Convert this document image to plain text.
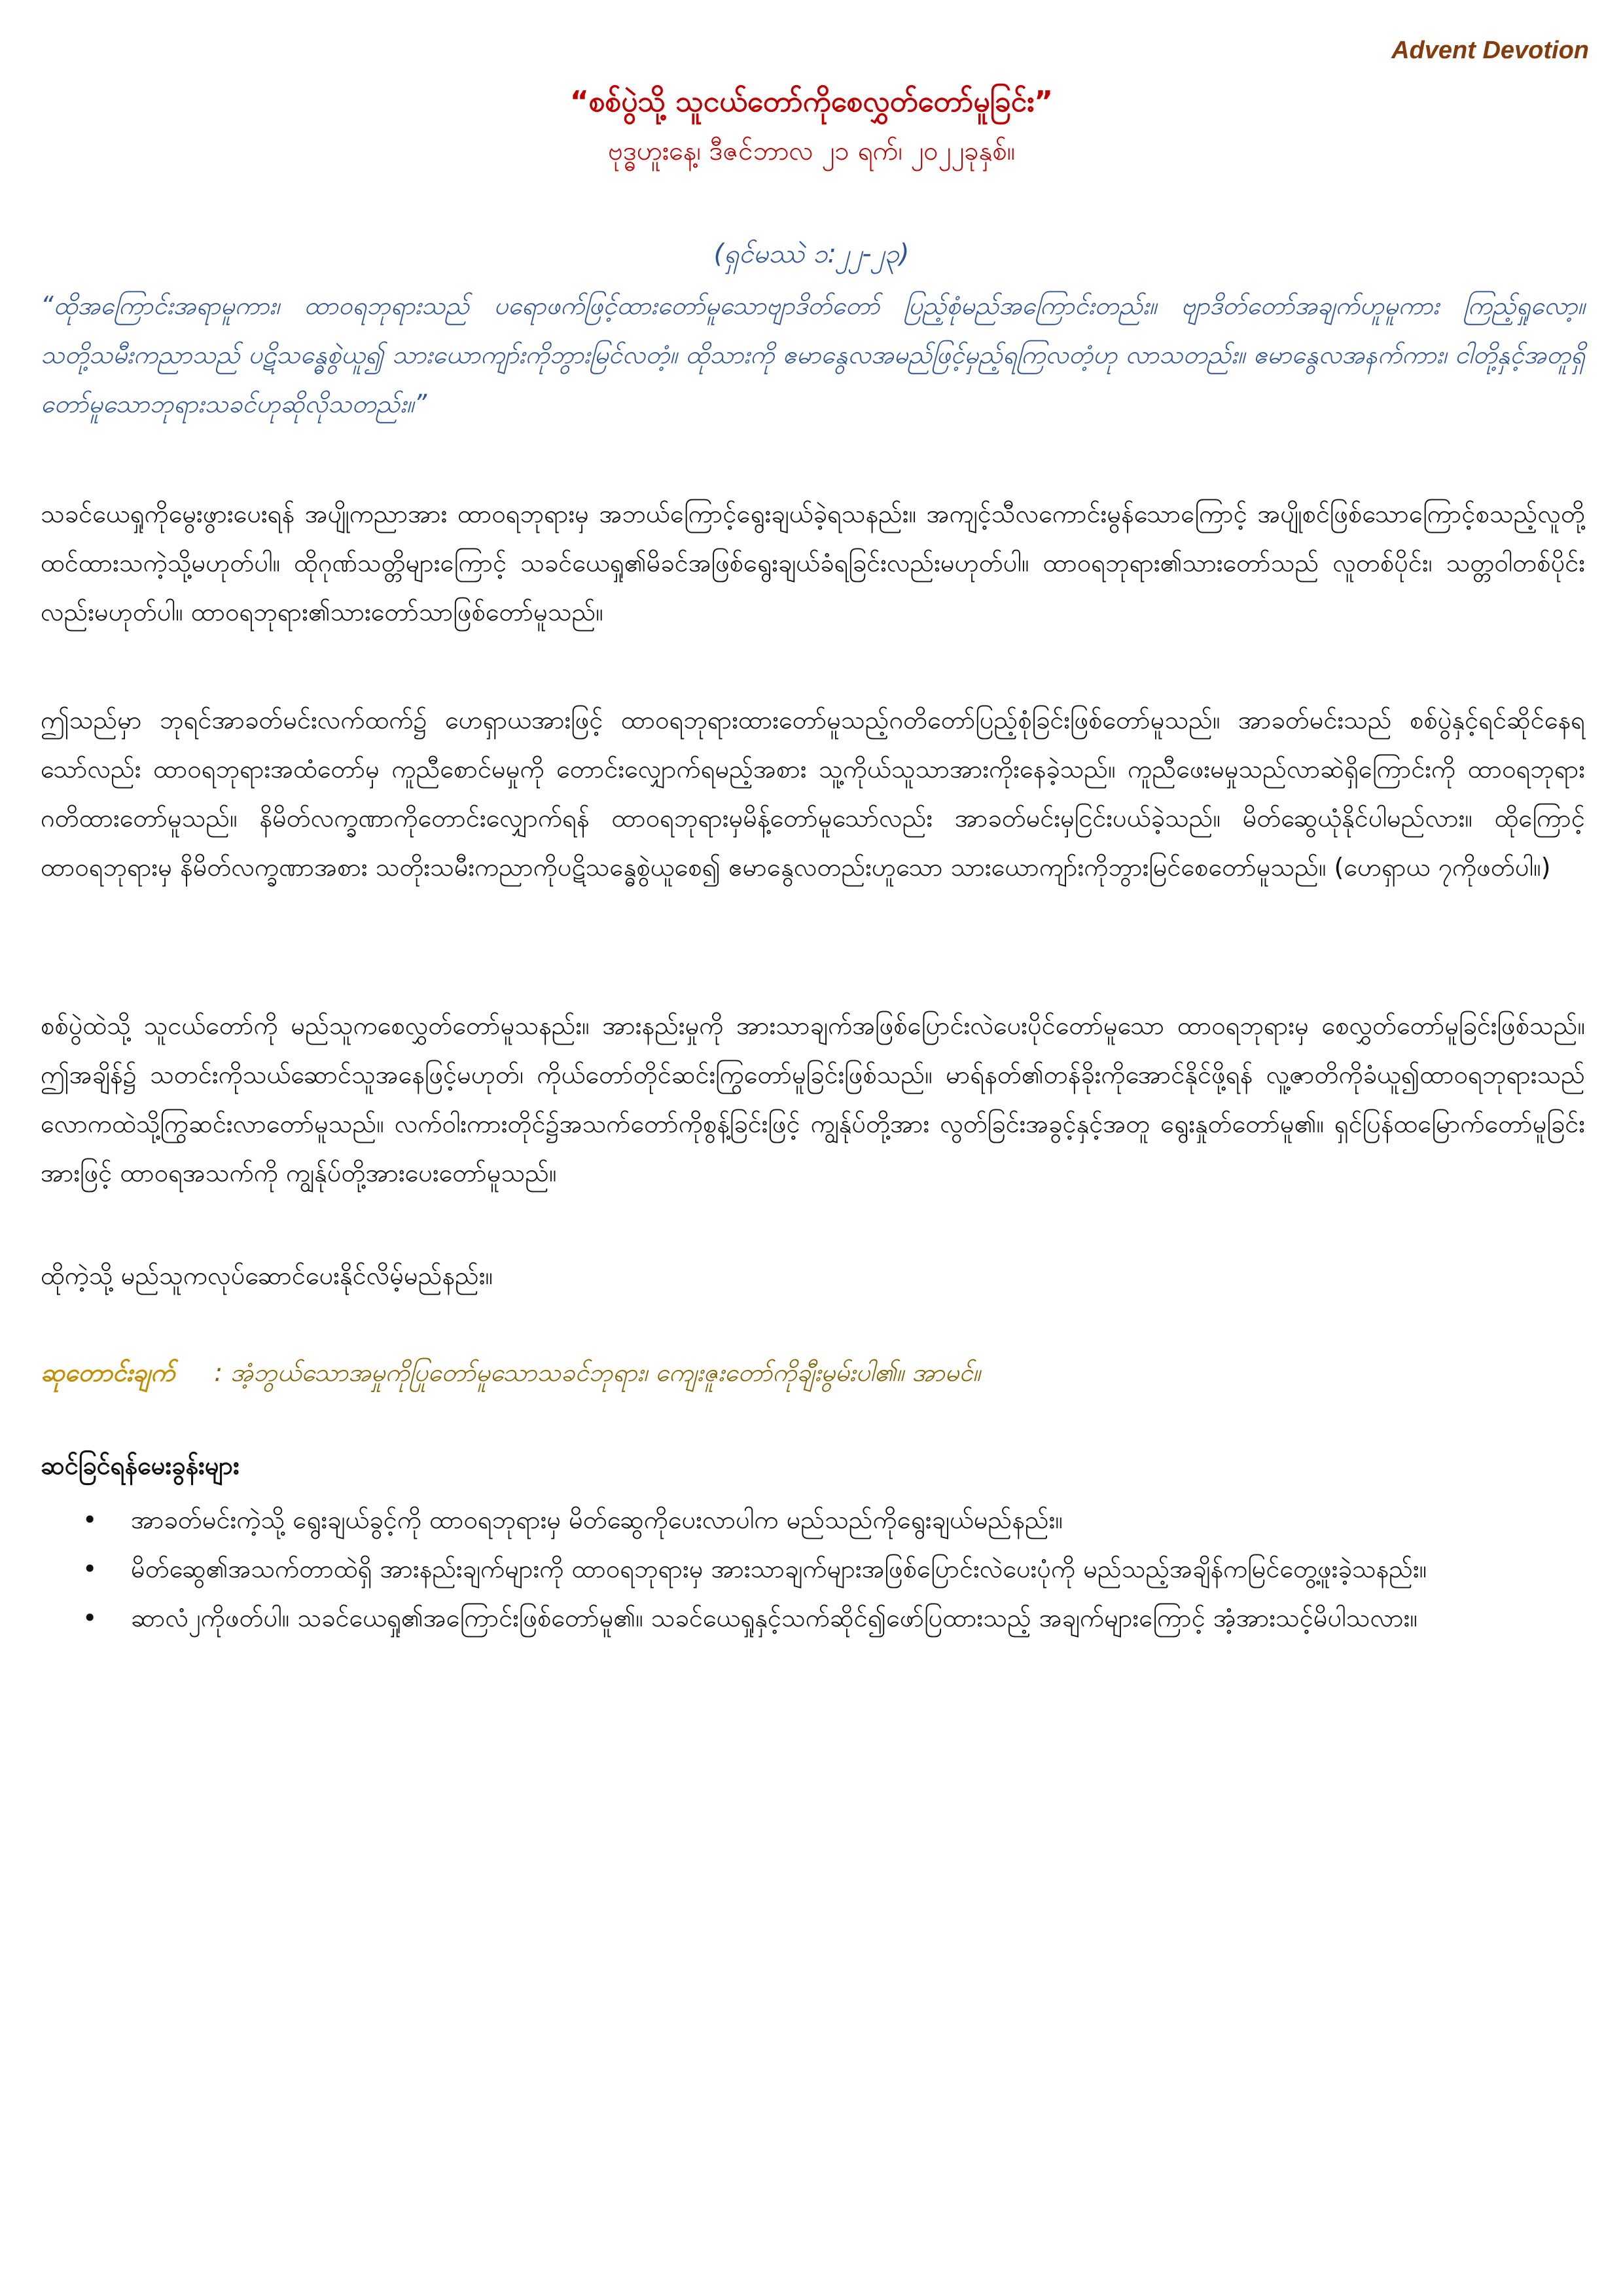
Advent Devotion
“စစ်ပွဲသို့ သူငယ်တော်ကိုစေလွှတ်တော်မူခြင်း”
ဗုဒ္ဓဟူးနေ့၊ ဒီဇင်ဘာလ ၂၁ ရက်၊ ၂၀၂၂ခုနှစ်။
(ရှင်မဿဲ ၁:၂၂-၂၃)
“ထိုအကြောင်းအရာမူကား၊ ထာဝရဘုရားသည် ပရောဖက်ဖြင့်ထားတော်မူသောဗျာဒိတ်တော် ပြည့်စုံမည်အကြောင်းတည်း။ ဗျာဒိတ်တော်အချက်ဟူမူကား ကြည့်ရှုလော့။ သတို့သမီးကညာသည် ပဋိသန္ဓေစွဲယူ၍ သားယောကျာ်းကိုဘွားမြင်လတံ့။ ထိုသားကို ဧမာနွေလအမည်ဖြင့်မှည့်ရကြလတံ့ဟု လာသတည်း။ ဧမာနွေလအနက်ကား၊ ငါတို့နှင့်အတူရှိတော်မူသောဘုရားသခင်ဟုဆိုလိုသတည်း။”
သခင်ယေရှုကိုမွေးဖွားပေးရန် အပျိုကညာအား ထာဝရဘုရားမှ အဘယ်ကြောင့်ရွေးချယ်ခဲ့ရသနည်း။ အကျင့်သီလကောင်းမွန်သောကြောင့် အပျိုစင်ဖြစ်သောကြောင့်စသည့်လူတို့ထင်ထားသကဲ့သို့မဟုတ်ပါ။ ထိုဂုဏ်သတ္တိများကြောင့် သခင်ယေရှု၏မိခင်အဖြစ်ရွေးချယ်ခံရခြင်းလည်းမဟုတ်ပါ။ ထာဝရဘုရား၏သားတော်သည် လူတစ်ပိုင်း၊ သတ္တဝါတစ်ပိုင်းလည်းမဟုတ်ပါ။ ထာဝရဘုရား၏သားတော်သာဖြစ်တော်မူသည်။
ဤသည်မှာ ဘုရင်အာခတ်မင်းလက်ထက်၌ ဟေရှာယအားဖြင့် ထာဝရဘုရားထားတော်မူသည့်ဂတိတော်ပြည့်စုံခြင်းဖြစ်တော်မူသည်။ အာခတ်မင်းသည် စစ်ပွဲနှင့်ရင်ဆိုင်နေရသော်လည်း ထာဝရဘုရားအထံတော်မှ ကူညီစောင်မမှုကို တောင်းလျှောက်ရမည့်အစား သူ့ကိုယ်သူသာအားကိုးနေခဲ့သည်။ ကူညီဖေးမမှုသည်လာဆဲရှိကြောင်းကို ထာဝရဘုရားဂတိထားတော်မူသည်။ နိမိတ်လက္ခဏာကိုတောင်းလျှောက်ရန် ထာဝရဘုရားမှမိန့်တော်မူသော်လည်း အာခတ်မင်းမှငြင်းပယ်ခဲ့သည်။ မိတ်ဆွေယုံနိုင်ပါမည်လား။ ထိုကြောင့် ထာဝရဘုရားမှ နိမိတ်လက္ခဏာအစား သတိုးသမီးကညာကိုပဋိသန္ဓေစွဲယူစေ၍ ဧမာနွေလတည်းဟူသော သားယောကျာ်းကိုဘွားမြင်စေတော်မူသည်။ (ဟေရှာယ ၇ကိုဖတ်ပါ။)
စစ်ပွဲထဲသို့ သူငယ်တော်ကို မည်သူကစေလွှတ်တော်မူသနည်း။ အားနည်းမှုကို အားသာချက်အဖြစ်ပြောင်းလဲပေးပိုင်တော်မူသော ထာဝရဘုရားမှ စေလွှတ်တော်မူခြင်းဖြစ်သည်။ ဤအချိန်၌ သတင်းကိုသယ်ဆောင်သူအနေဖြင့်မဟုတ်၊ ကိုယ်တော်တိုင်ဆင်းကြွတော်မူခြင်းဖြစ်သည်။ မာရ်နတ်၏တန်ခိုးကိုအောင်နိုင်ဖို့ရန် လူ့ဇာတိကိုခံယူ၍ထာဝရဘုရားသည်လောကထဲသို့ကြွဆင်းလာတော်မူသည်။ လက်ဝါးကားတိုင်၌အသက်တော်ကိုစွန့်ခြင်းဖြင့် ကျွန်ုပ်တို့အား လွတ်ခြင်းအခွင့်နှင့်အတူ ရွေးနှုတ်တော်မူ၏။ ရှင်ပြန်ထမြောက်တော်မူခြင်းအားဖြင့် ထာဝရအသက်ကို ကျွန်ုပ်တို့အားပေးတော်မူသည်။
ထိုကဲ့သို့ မည်သူကလုပ်ဆောင်ပေးနိုင်လိမ့်မည်နည်း။
ဆုတောင်းချက် : အံ့ဘွယ်သောအမှုကိုပြုတော်မူသောသခင်ဘုရား၊ ကျေးဇူးတော်ကိုချီးမွမ်းပါ၏။ အာမင်။
ဆင်ခြင်ရန်မေးခွန်းများ
• အာခတ်မင်းကဲ့သို့ ရွေးချယ်ခွင့်ကို ထာဝရဘုရားမှ မိတ်ဆွေကိုပေးလာပါက မည်သည်ကိုရွေးချယ်မည်နည်း။
• မိတ်ဆွေ၏အသက်တာထဲရှိ အားနည်းချက်များကို ထာဝရဘုရားမှ အားသာချက်များအဖြစ်ပြောင်းလဲပေးပုံကို မည်သည့်အချိန်ကမြင်တွေ့ဖူးခဲ့သနည်း။
• ဆာလံ၂ကိုဖတ်ပါ။ သခင်ယေရှု၏အကြောင်းဖြစ်တော်မူ၏။ သခင်ယေရှုနှင့်သက်ဆိုင်၍ဖော်ပြထားသည့် အချက်များကြောင့် အံ့အားသင့်မိပါသလား။
